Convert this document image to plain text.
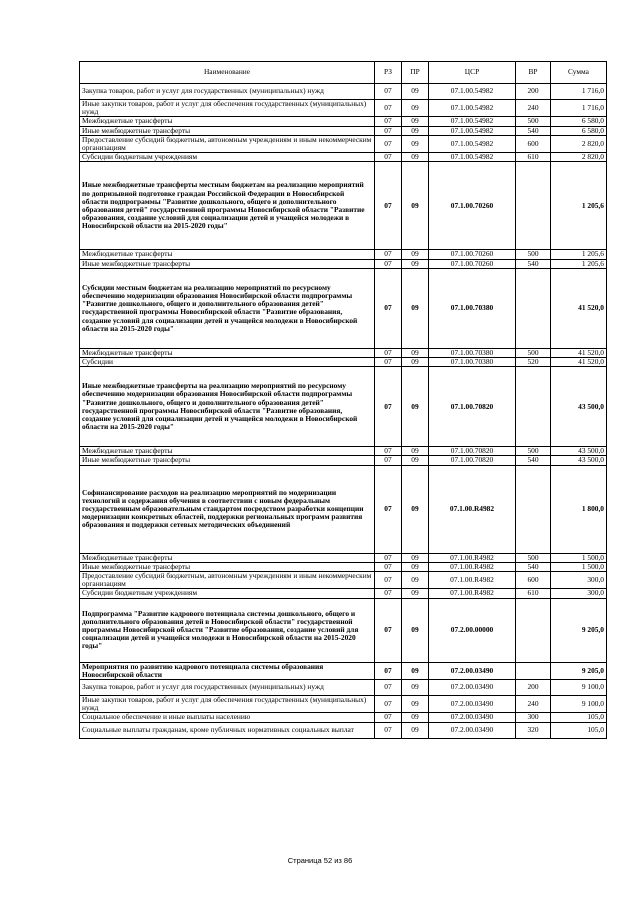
Наименование	РЗ	ПР	ЦСР	ВР	Сумма
Закупка товаров, работ и услуг для государственных (муниципальных) нужд	07	09	07.1.00.54982	200	1 716,0
Иные закупки товаров, работ и услуг для обеспечения государственных (муниципальных) нужд	07	09	07.1.00.54982	240	1 716,0
Межбюджетные трансферты	07	09	07.1.00.54982	500	6 580,0
Иные межбюджетные трансферты	07	09	07.1.00.54982	540	6 580,0
Предоставление субсидий бюджетным, автономным учреждениям и иным некоммерческим организациям	07	09	07.1.00.54982	600	2 820,0
Субсидии бюджетным учреждениям	07	09	07.1.00.54982	610	2 820,0
Иные межбюджетные трансферты местным бюджетам на реализацию мероприятий по допризывной подготовке граждан Российской Федерации в Новосибирской области подпрограммы "Развитие дошкольного, общего и дополнительного образования детей" государственной программы Новосибирской области "Развитие образования, создание условий для социализации детей и учащейся молодежи в Новосибирской области на 2015-2020 годы"	07	09	07.1.00.70260		1 205,6
Межбюджетные трансферты	07	09	07.1.00.70260	500	1 205,6
Иные межбюджетные трансферты	07	09	07.1.00.70260	540	1 205,6
Субсидии местным бюджетам на реализацию мероприятий по ресурсному обеспечению модернизации образования Новосибирской области подпрограммы "Развитие дошкольного, общего и дополнительного образования детей" государственной программы Новосибирской области "Развитие образования, создание условий для социализации детей и учащейся молодежи в Новосибирской области на 2015-2020 годы"	07	09	07.1.00.70380		41 520,0
Межбюджетные трансферты	07	09	07.1.00.70380	500	41 520,0
Субсидии	07	09	07.1.00.70380	520	41 520,0
Иные межбюджетные трансферты на реализацию мероприятий по ресурсному обеспечению модернизации образования Новосибирской области подпрограммы "Развитие дошкольного, общего и дополнительного образования детей" государственной программы Новосибирской области "Развитие образования, создание условий для социализации детей и учащейся молодежи в Новосибирской области на 2015-2020 годы"	07	09	07.1.00.70820		43 500,0
Межбюджетные трансферты	07	09	07.1.00.70820	500	43 500,0
Иные межбюджетные трансферты	07	09	07.1.00.70820	540	43 500,0
Софинансирование расходов на реализацию мероприятий по модернизации технологий и содержания обучения в соответствии с новым федеральным государственным образовательным стандартом посредством разработки концепции модернизации конкретных областей, поддержки региональных программ развития образования и поддержки сетевых методических объединений	07	09	07.1.00.R4982		1 800,0
Межбюджетные трансферты	07	09	07.1.00.R4982	500	1 500,0
Иные межбюджетные трансферты	07	09	07.1.00.R4982	540	1 500,0
Предоставление субсидий бюджетным, автономным учреждениям и иным некоммерческим организациям	07	09	07.1.00.R4982	600	300,0
Субсидии бюджетным учреждениям	07	09	07.1.00.R4982	610	300,0
Подпрограмма "Развитие кадрового потенциала системы дошкольного, общего и дополнительного образования детей в Новосибирской области" государственной программы Новосибирской области "Развитие образования, создание условий для социализации детей и учащейся молодежи в Новосибирской области на 2015-2020 годы"	07	09	07.2.00.00000		9 205,0
Мероприятия по развитию кадрового потенциала системы образования Новосибирской области	07	09	07.2.00.03490		9 205,0
Закупка товаров, работ и услуг для государственных (муниципальных) нужд	07	09	07.2.00.03490	200	9 100,0
Иные закупки товаров, работ и услуг для обеспечения государственных (муниципальных) нужд	07	09	07.2.00.03490	240	9 100,0
Социальное обеспечение и иные выплаты населению	07	09	07.2.00.03490	300	105,0
Социальные выплаты гражданам, кроме публичных нормативных социальных выплат	07	09	07.2.00.03490	320	105,0
Страница 52 из 86
